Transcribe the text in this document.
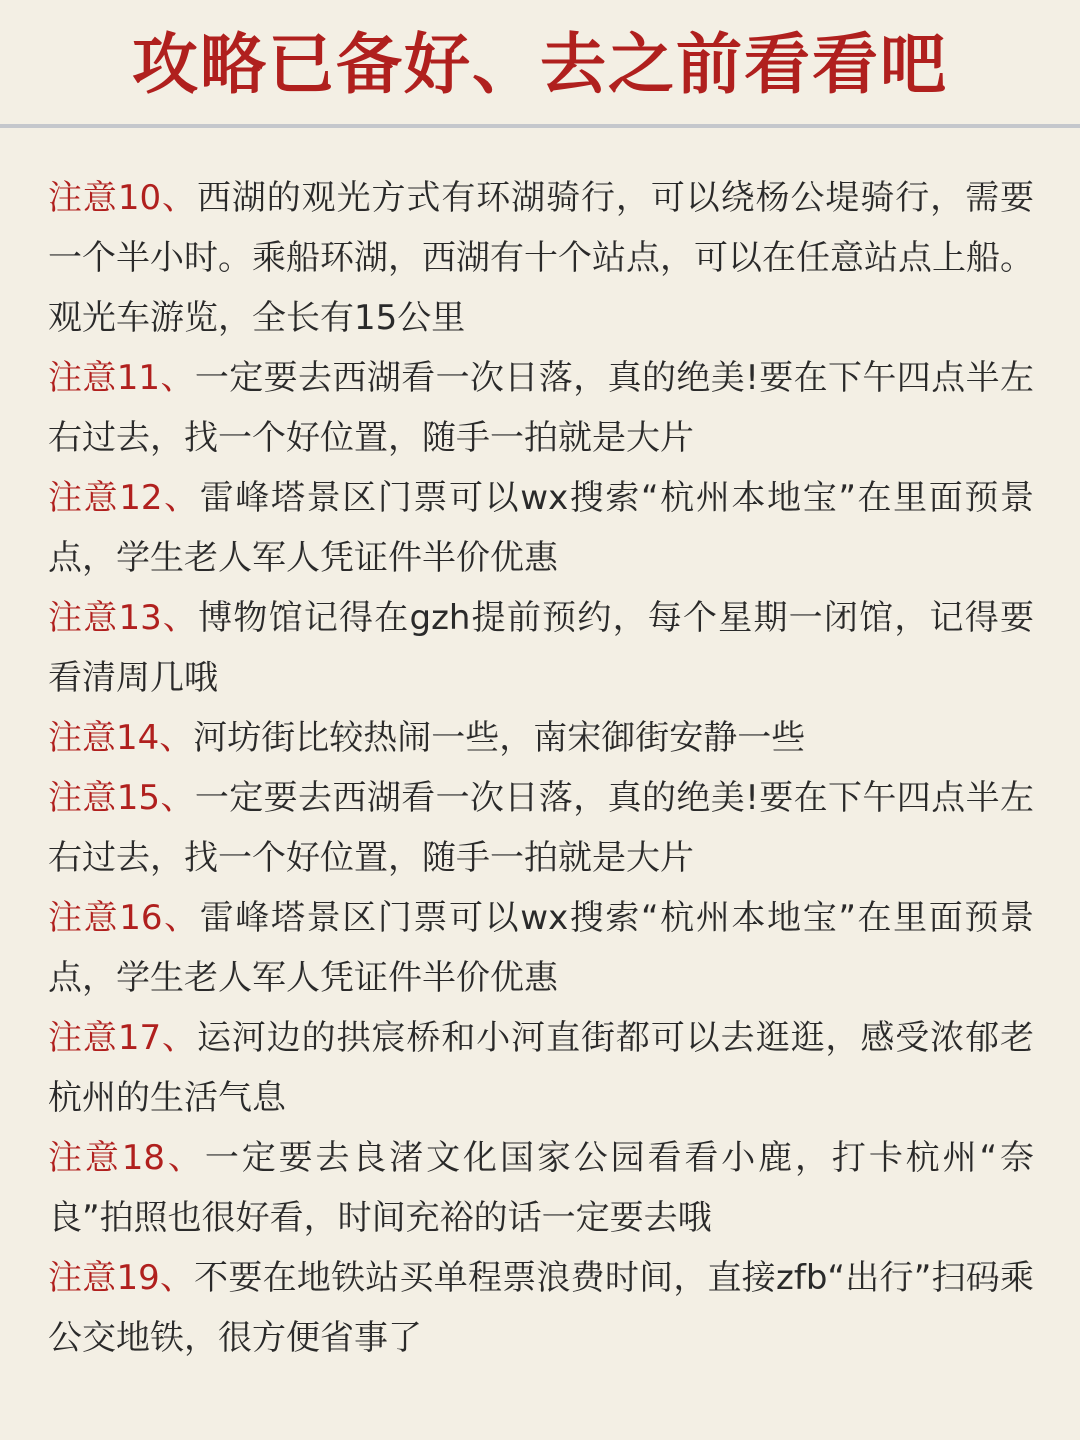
攻略已备好、去之前看看吧

注意10、西湖的观光方式有环湖骑行，可以绕杨公堤骑行，需要一个半小时。乘船环湖，西湖有十个站点，可以在任意站点上船。观光车游览，全长有15公里

注意11、一定要去西湖看一次日落，真的绝美!要在下午四点半左右过去，找一个好位置，随手一拍就是大片

注意12、雷峰塔景区门票可以wx搜索“杭州本地宝”在里面预景点，学生老人军人凭证件半价优惠

注意13、博物馆记得在gzh提前预约，每个星期一闭馆，记得要看清周几哦

注意14、河坊街比较热闹一些，南宋御街安静一些

注意15、一定要去西湖看一次日落，真的绝美!要在下午四点半左右过去，找一个好位置，随手一拍就是大片

注意16、雷峰塔景区门票可以wx搜索“杭州本地宝”在里面预景点，学生老人军人凭证件半价优惠

注意17、运河边的拱宸桥和小河直街都可以去逛逛，感受浓郁老杭州的生活气息

注意18、一定要去良渚文化国家公园看看小鹿，打卡杭州“奈良”拍照也很好看，时间充裕的话一定要去哦

注意19、不要在地铁站买单程票浪费时间，直接zfb“出行”扫码乘公交地铁，很方便省事了
